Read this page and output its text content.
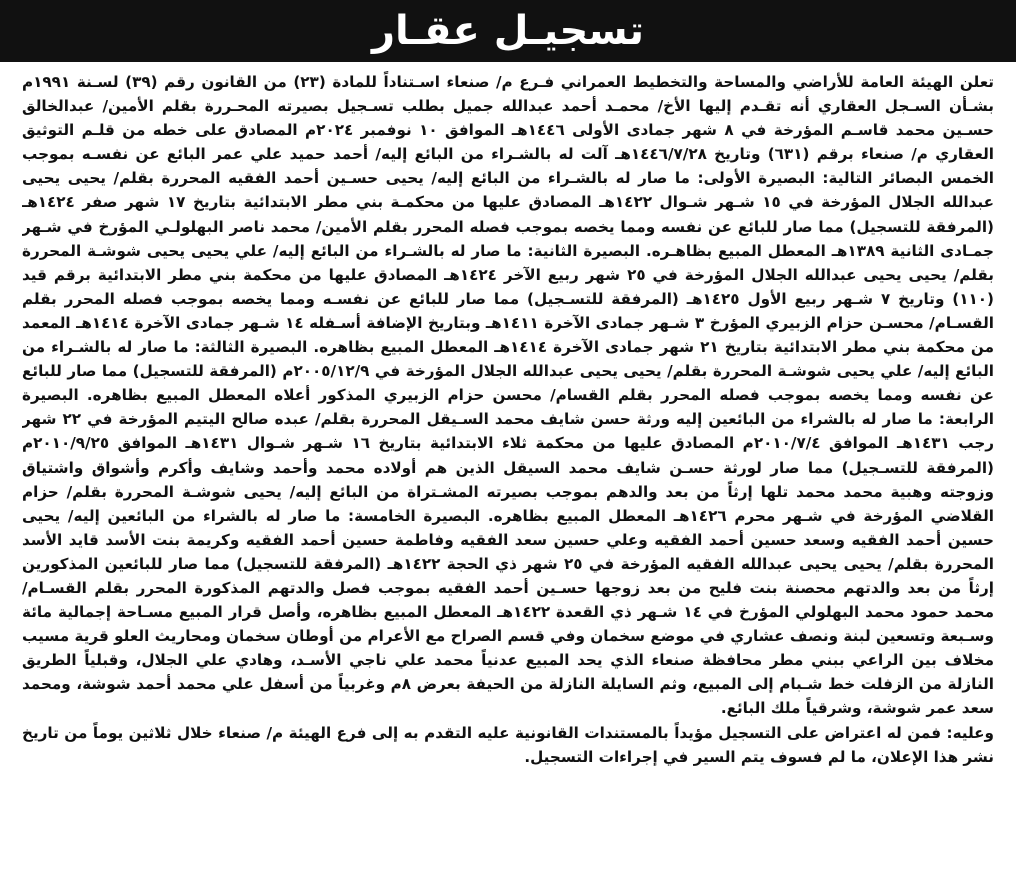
تسجيـل عقـار

تعلن الهيئة العامة للأراضي والمساحة والتخطيط العمراني فـرع م/ صنعاء اسـتناداً للمادة (٢٣) من القانون رقم (٣٩) لسـنة ١٩٩١م بشـأن السـجل العقاري أنه تقـدم إليها الأخ/ محمـد أحمد عبدالله جميل بطلب تسـجيل بصيرته المحـررة بقلم الأمين/ عبدالخالق حسـين محمد قاسـم المؤرخة في ٨ شهر جمادى الأولى ١٤٤٦هـ الموافق ١٠ نوفمبر ٢٠٢٤م المصادق على خطه من قلـم التوثيق العقاري م/ صنعاء برقم (٦٣١) وتاريخ ١٤٤٦/٧/٢٨هـ آلت له بالشـراء من البائع إليه/ أحمد حميد علي عمر البائع عن نفسـه بموجب الخمس البصائر التالية: البصيرة الأولى: ما صار له بالشـراء من البائع إليه/ يحيى حسـين أحمد الفقيه المحررة بقلم/ يحيى يحيى عبدالله الجلال المؤرخة في ١٥ شـهر شـوال ١٤٢٢هـ المصادق عليها من محكمـة بني مطر الابتدائية بتاريخ ١٧ شهر صفر ١٤٢٤هـ (المرفقة للتسجيل) مما صار للبائع عن نفسه ومما يخصه بموجب فصله المحرر بقلم الأمين/ محمد ناصر البهلولـي المؤرخ في شـهر جمـادى الثانية ١٣٨٩هـ المعطل المبيع بظاهـره. البصيرة الثانية: ما صار له بالشـراء من البائع إليه/ علي يحيى يحيى شوشـة المحررة بقلم/ يحيى يحيى عبدالله الجلال المؤرخة في ٢٥ شهر ربيع الآخر ١٤٢٤هـ المصادق عليها من محكمة بني مطر الابتدائية برقم قيد (١١٠) وتاريخ ٧ شـهر ربيع الأول ١٤٢٥هـ (المرفقة للتسـجيل) مما صار للبائع عن نفسـه ومما يخصه بموجب فصله المحرر بقلم القسـام/ محسـن حزام الزبيري المؤرخ ٣ شـهر جمادى الآخرة ١٤١١هـ وبتاريخ الإضافة أسـفله ١٤ شـهر جمادى الآخرة ١٤١٤هـ المعمد من محكمة بني مطر الابتدائية بتاريخ ٢١ شهر جمادى الآخرة ١٤١٤هـ المعطل المبيع بظاهره. البصيرة الثالثة: ما صار له بالشـراء من البائع إليه/ علي يحيى شوشـة المحررة بقلم/ يحيى يحيى عبدالله الجلال المؤرخة في ٢٠٠٥/١٢/٩م (المرفقة للتسجيل) مما صار للبائع عن نفسه ومما يخصه بموجب فصله المحرر بقلم القسام/ محسن حزام الزبيري المذكور أعلاه المعطل المبيع بظاهره. البصيرة الرابعة: ما صار له بالشراء من البائعين إليه ورثة حسن شايف محمد السـيقل المحررة بقلم/ عبده صالح اليتيم المؤرخة في ٢٢ شهر رجب ١٤٣١هـ الموافق ٢٠١٠/٧/٤م المصادق عليها من محكمة ثلاء الابتدائية بتاريخ ١٦ شـهر شـوال ١٤٣١هـ الموافق ٢٠١٠/٩/٢٥م (المرفقة للتسـجيل) مما صار لورثة حسـن شايف محمد السيقل الذين هم أولاده محمد وأحمد وشايف وأكرم وأشواق واشتياق وزوجته وهبية محمد محمد تلها إرثاً من بعد والدهم بموجب بصيرته المشـتراة من البائع إليه/ يحيى شوشـة المحررة بقلم/ حزام القلاضي المؤرخة في شـهر محرم ١٤٢٦هـ المعطل المبيع بظاهره. البصيرة الخامسة: ما صار له بالشراء من البائعين إليه/ يحيى حسين أحمد الفقيه وسعد حسين أحمد الفقيه وعلي حسين سعد الفقيه وفاطمة حسين أحمد الفقيه وكريمة بنت الأسد قايد الأسد المحررة بقلم/ يحيى يحيى عبدالله الفقيه المؤرخة في ٢٥ شهر ذي الحجة ١٤٢٢هـ (المرفقة للتسجيل) مما صار للبائعين المذكورين إرثاً من بعد والدتهم محصنة بنت فليح من بعد زوجها حسـين أحمد الفقيه بموجب فصل والدتهم المذكورة المحرر بقلم القسـام/ محمد حمود محمد البهلولي المؤرخ في ١٤ شـهر ذي القعدة ١٤٢٢هـ المعطل المبيع بظاهره، وأصل قرار المبيع مسـاحة إجمالية مائة وسـبعة وتسعين لبنة ونصف عشاري في موضع سخمان وفي قسم الصراح مع الأعرام من أوطان سخمان ومحاريث العلو قرية مسيب مخلاف بين الراعي ببني مطر محافظة صنعاء الذي يحد المبيع عدنياً محمد علي ناجي الأسـد، وهادي علي الجلال، وقبلياً الطريق النازلة من الزفلت خط شـبام إلى المبيع، وثم السايلة النازلة من الحيفة بعرض ٨م وغربياً من أسفل علي محمد أحمد شوشة، ومحمد سعد عمر شوشة، وشرقياً ملك البائع.

وعليه: فمن له اعتراض على التسجيل مؤيداً بالمستندات القانونية عليه التقدم به إلى فرع الهيئة م/ صنعاء خلال ثلاثين يوماً من تاريخ نشر هذا الإعلان، ما لم فسوف يتم السير في إجراءات التسجيل.
